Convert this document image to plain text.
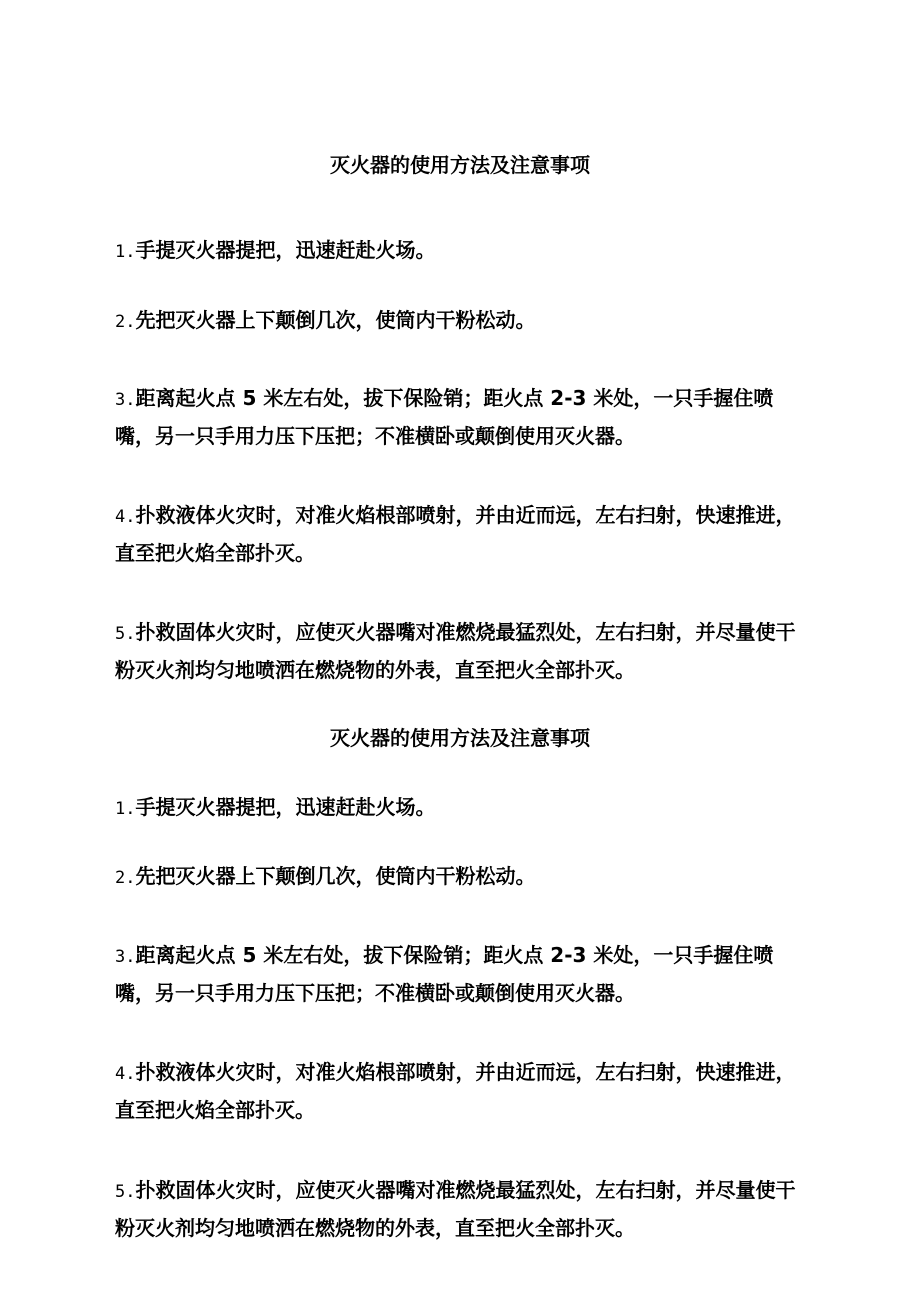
灭火器的使用方法及注意事项
1.手提灭火器提把，迅速赶赴火场。
2.先把灭火器上下颠倒几次，使筒内干粉松动。
3.距离起火点 5 米左右处，拔下保险销；距火点 2-3 米处，一只手握住喷嘴，另一只手用力压下压把；不准横卧或颠倒使用灭火器。
4.扑救液体火灾时，对准火焰根部喷射，并由近而远，左右扫射，快速推进，直至把火焰全部扑灭。
5.扑救固体火灾时，应使灭火器嘴对准燃烧最猛烈处，左右扫射，并尽量使干粉灭火剂均匀地喷洒在燃烧物的外表，直至把火全部扑灭。
灭火器的使用方法及注意事项
1.手提灭火器提把，迅速赶赴火场。
2.先把灭火器上下颠倒几次，使筒内干粉松动。
3.距离起火点 5 米左右处，拔下保险销；距火点 2-3 米处，一只手握住喷嘴，另一只手用力压下压把；不准横卧或颠倒使用灭火器。
4.扑救液体火灾时，对准火焰根部喷射，并由近而远，左右扫射，快速推进，直至把火焰全部扑灭。
5.扑救固体火灾时，应使灭火器嘴对准燃烧最猛烈处，左右扫射，并尽量使干粉灭火剂均匀地喷洒在燃烧物的外表，直至把火全部扑灭。
